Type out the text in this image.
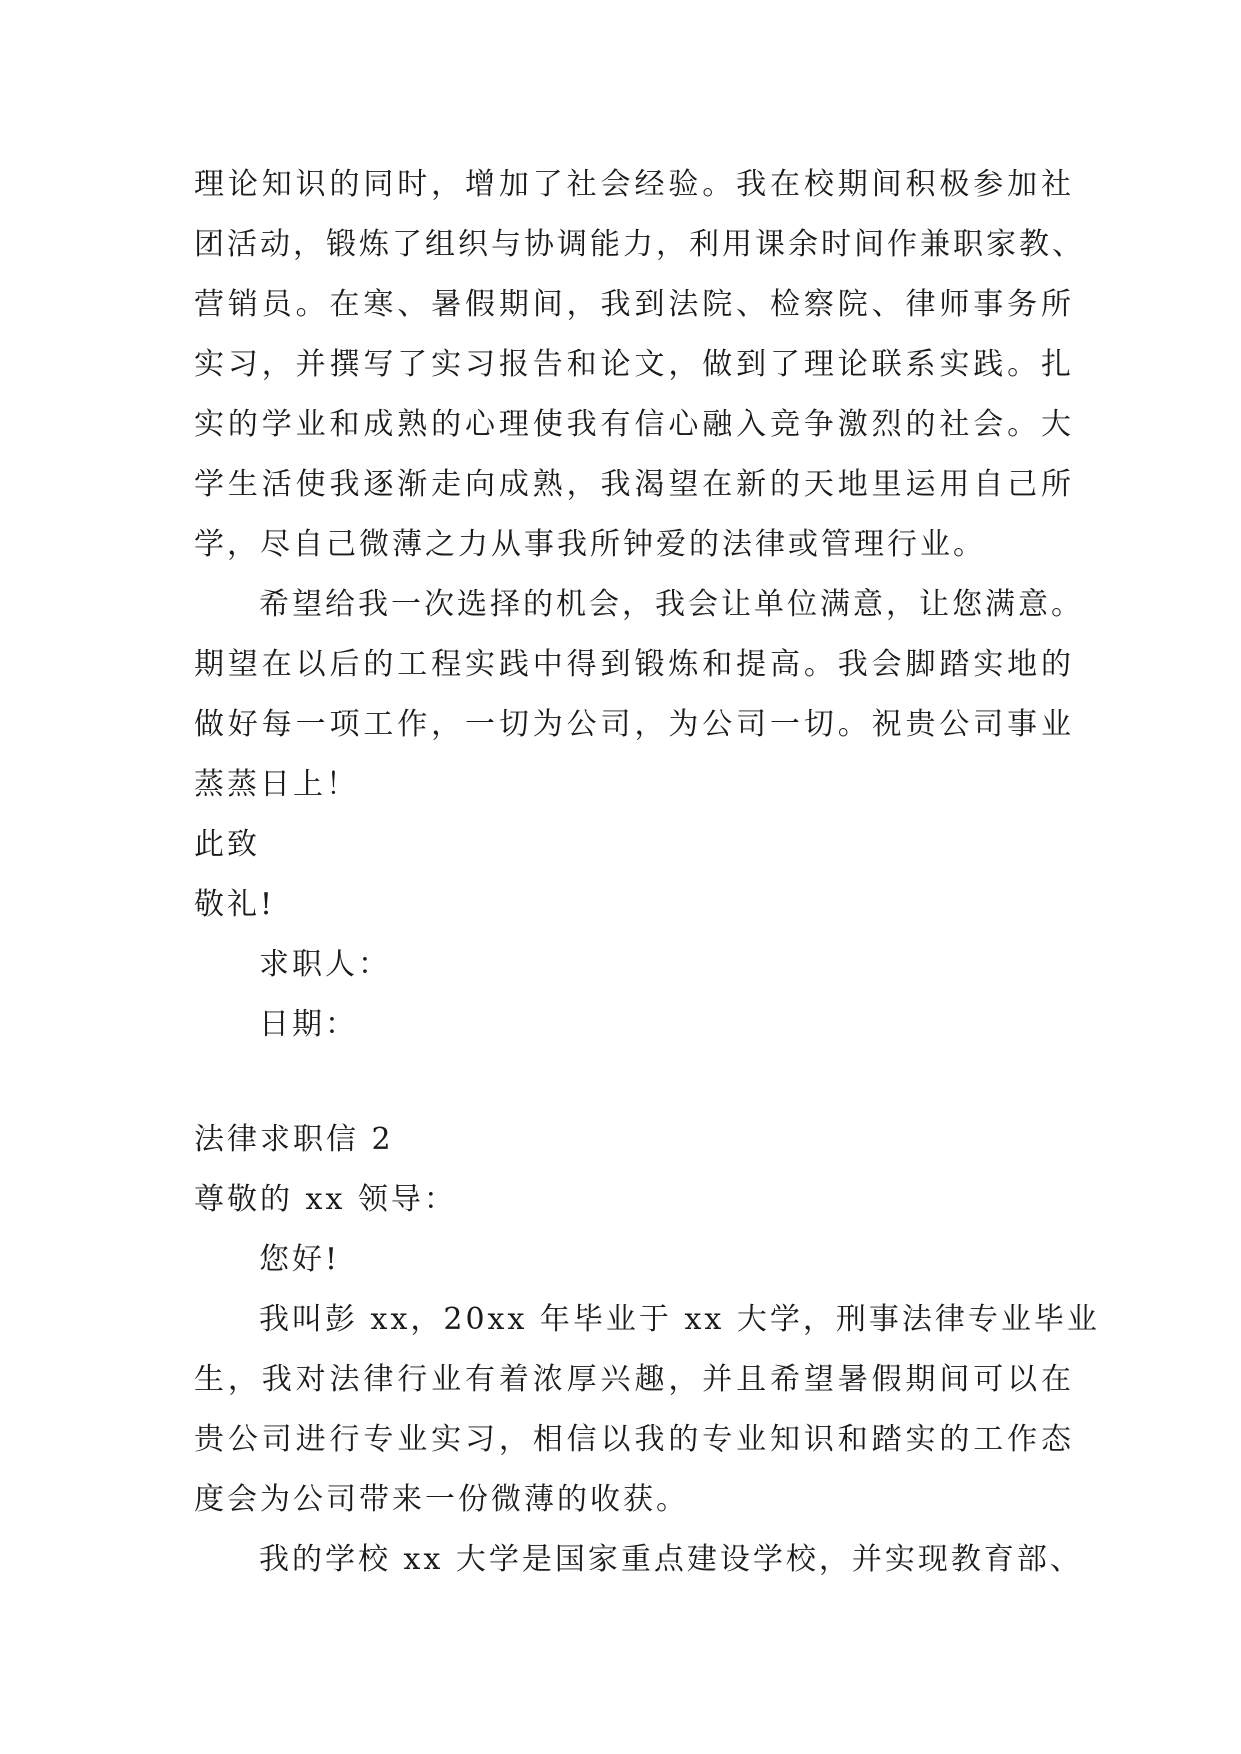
理论知识的同时，增加了社会经验。我在校期间积极参加社
团活动，锻炼了组织与协调能力，利用课余时间作兼职家教、
营销员。在寒、暑假期间，我到法院、检察院、律师事务所
实习，并撰写了实习报告和论文，做到了理论联系实践。扎
实的学业和成熟的心理使我有信心融入竞争激烈的社会。大
学生活使我逐渐走向成熟，我渴望在新的天地里运用自己所
学，尽自己微薄之力从事我所钟爱的法律或管理行业。
希望给我一次选择的机会，我会让单位满意，让您满意。
期望在以后的工程实践中得到锻炼和提高。我会脚踏实地的
做好每一项工作，一切为公司，为公司一切。祝贵公司事业
蒸蒸日上！
此致
敬礼!
求职人：
日期：
法律求职信 2
尊敬的 xx 领导：
您好!
我叫彭 xx，20xx 年毕业于 xx 大学，刑事法律专业毕业
生，我对法律行业有着浓厚兴趣，并且希望暑假期间可以在
贵公司进行专业实习，相信以我的专业知识和踏实的工作态
度会为公司带来一份微薄的收获。
我的学校 xx 大学是国家重点建设学校，并实现教育部、
